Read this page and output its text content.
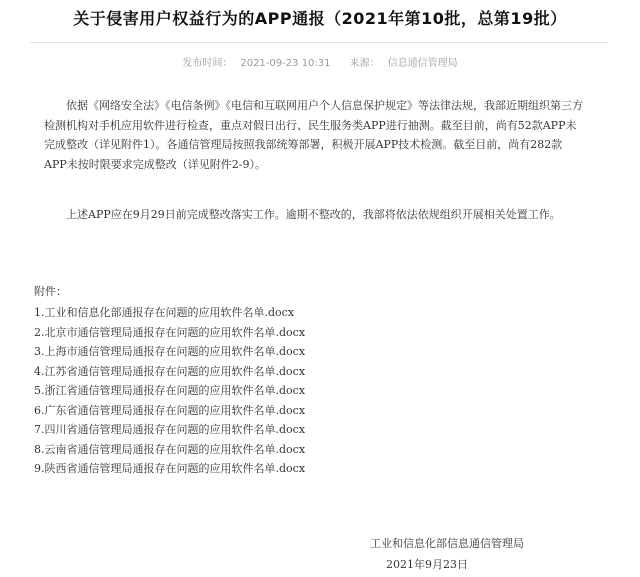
关于侵害用户权益行为的APP通报（2021年第10批，总第19批）
发布时间： 2021-09-23 10:31 来源： 信息通信管理局
依据《网络安全法》《电信条例》《电信和互联网用户个人信息保护规定》等法律法规，我部近期组织第三方检测机构对手机应用软件进行检查，重点对假日出行、民生服务类APP进行抽测。截至目前，尚有52款APP未完成整改（详见附件1）。各通信管理局按照我部统筹部署，积极开展APP技术检测。截至目前，尚有282款APP未按时限要求完成整改（详见附件2-9）。
上述APP应在9月29日前完成整改落实工作。逾期不整改的，我部将依法依规组织开展相关处置工作。
附件：
1.工业和信息化部通报存在问题的应用软件名单.docx
2.北京市通信管理局通报存在问题的应用软件名单.docx
3.上海市通信管理局通报存在问题的应用软件名单.docx
4.江苏省通信管理局通报存在问题的应用软件名单.docx
5.浙江省通信管理局通报存在问题的应用软件名单.docx
6.广东省通信管理局通报存在问题的应用软件名单.docx
7.四川省通信管理局通报存在问题的应用软件名单.docx
8.云南省通信管理局通报存在问题的应用软件名单.docx
9.陕西省通信管理局通报存在问题的应用软件名单.docx
工业和信息化部信息通信管理局
2021年9月23日
